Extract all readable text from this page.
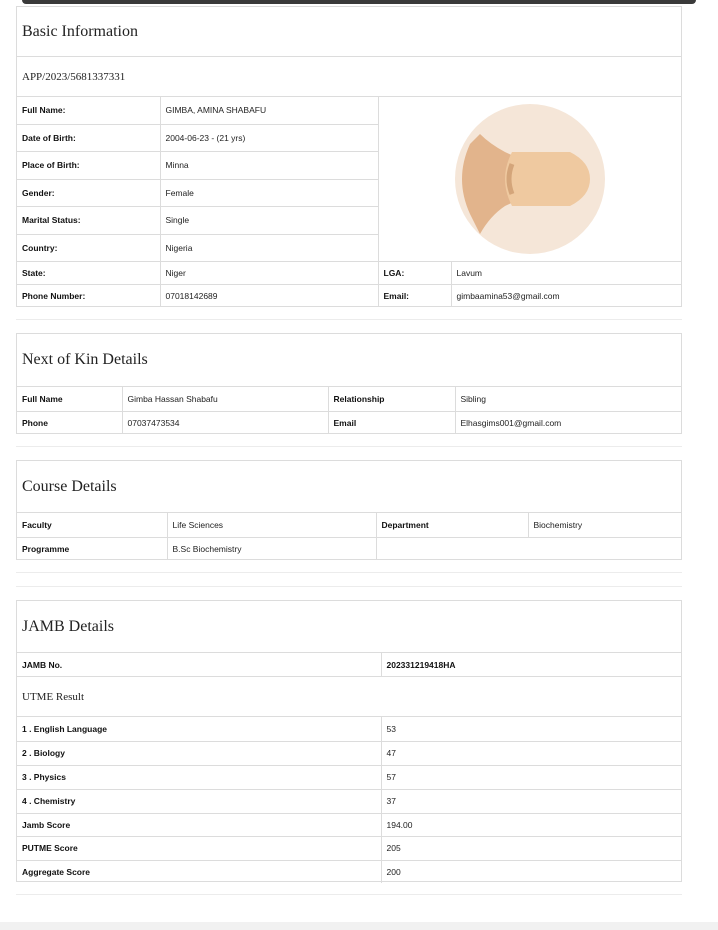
Basic Information
APP/2023/5681337331
Full Name:	GIMBA, AMINA SHABAFU	

Date of Birth:	2004-06-23 - (21 yrs)		
Place of Birth:	Minna		
Gender:	Female		
Marital Status:	Single		
Country:	Nigeria		
State:	Niger	LGA:	Lavum
Phone Number:	07018142689	Email:	gimbaamina53@gmail.com
Next of Kin Details
Full Name	Gimba Hassan Shabafu	Relationship	Sibling
Phone	07037473534	Email	Elhasgims001@gmail.com
Course Details
Faculty	Life Sciences	Department	Biochemistry
Programme	B.Sc Biochemistry		
JAMB Details
JAMB No.	202331219418HA
UTME Result
1 . English Language	53
2 . Biology	47
3 . Physics	57
4 . Chemistry	37
Jamb Score	194.00
PUTME Score	205
Aggregate Score	200
